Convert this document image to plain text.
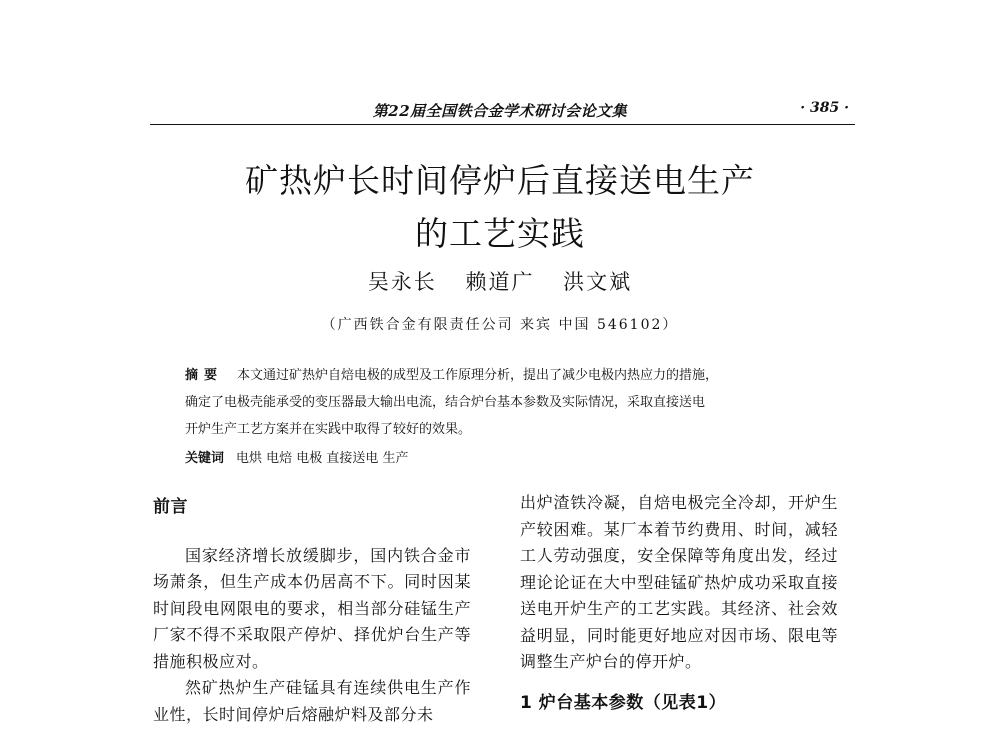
第22届全国铁合金学术研讨会论文集	· 385 ·
矿热炉长时间停炉后直接送电生产
的工艺实践
吴永长 赖道广 洪文斌
（广西铁合金有限责任公司 来宾 中国 546102）
摘要 本文通过矿热炉自焙电极的成型及工作原理分析，提出了减少电极内热应力的措施，
确定了电极壳能承受的变压器最大输出电流，结合炉台基本参数及实际情况，采取直接送电
开炉生产工艺方案并在实践中取得了较好的效果。
关键词 电烘 电焙 电极 直接送电 生产
前言

国家经济增长放缓脚步，国内铁合金市场萧条，但生产成本仍居高不下。同时因某时间段电网限电的要求，相当部分硅锰生产厂家不得不采取限产停炉、择优炉台生产等措施积极应对。

然矿热炉生产硅锰具有连续供电生产作业性，长时间停炉后熔融炉料及部分未

出炉渣铁冷凝，自焙电极完全冷却，开炉生产较困难。某厂本着节约费用、时间，减轻工人劳动强度，安全保障等角度出发，经过理论论证在大中型硅锰矿热炉成功采取直接送电开炉生产的工艺实践。其经济、社会效益明显，同时能更好地应对因市场、限电等调整生产炉台的停开炉。

1 炉台基本参数（见表1）
